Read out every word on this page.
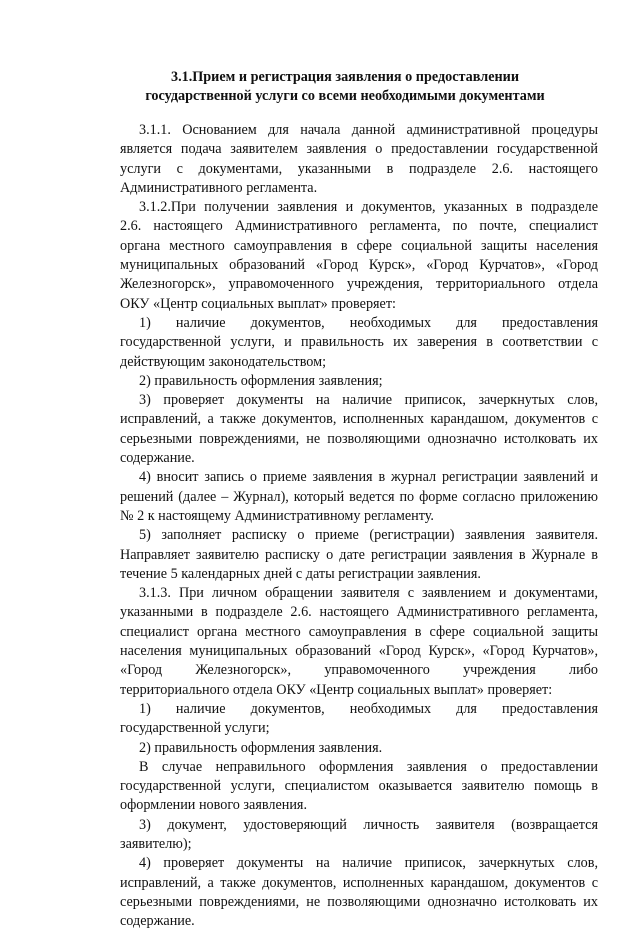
3.1.Прием и регистрация заявления о предоставлении
государственной услуги со всеми необходимыми документами
3.1.1. Основанием для начала данной административной процедуры
является подача заявителем заявления о предоставлении государственной
услуги с документами, указанными в подразделе 2.6. настоящего
Административного регламента.
3.1.2.При получении заявления и документов, указанных в подразделе
2.6. настоящего Административного регламента, по почте, специалист
органа местного самоуправления в сфере социальной защиты населения
муниципальных образований «Город Курск», «Город Курчатов», «Город
Железногорск», управомоченного учреждения, территориального отдела
ОКУ «Центр социальных выплат» проверяет:
1) наличие документов, необходимых для предоставления
государственной услуги, и правильность их заверения в соответствии с
действующим законодательством;
2) правильность оформления заявления;
3) проверяет документы на наличие приписок, зачеркнутых слов,
исправлений, а также документов, исполненных карандашом, документов с
серьезными повреждениями, не позволяющими однозначно истолковать их
содержание.
4) вносит запись о приеме заявления в журнал регистрации заявлений и
решений (далее – Журнал), который ведется по форме согласно приложению
№ 2 к настоящему Административному регламенту.
5) заполняет расписку о приеме (регистрации) заявления заявителя.
Направляет заявителю расписку о дате регистрации заявления в Журнале в
течение 5 календарных дней с даты регистрации заявления.
3.1.3. При личном обращении заявителя с заявлением и документами,
указанными в подразделе 2.6. настоящего Административного регламента,
специалист органа местного самоуправления в сфере социальной защиты
населения муниципальных образований «Город Курск», «Город Курчатов»,
«Город Железногорск», управомоченного учреждения либо
территориального отдела ОКУ «Центр социальных выплат» проверяет:
1) наличие документов, необходимых для предоставления
государственной услуги;
2) правильность оформления заявления.
В случае неправильного оформления заявления о предоставлении
государственной услуги, специалистом оказывается заявителю помощь в
оформлении нового заявления.
3) документ, удостоверяющий личность заявителя (возвращается
заявителю);
4) проверяет документы на наличие приписок, зачеркнутых слов,
исправлений, а также документов, исполненных карандашом, документов с
серьезными повреждениями, не позволяющими однозначно истолковать их
содержание.
